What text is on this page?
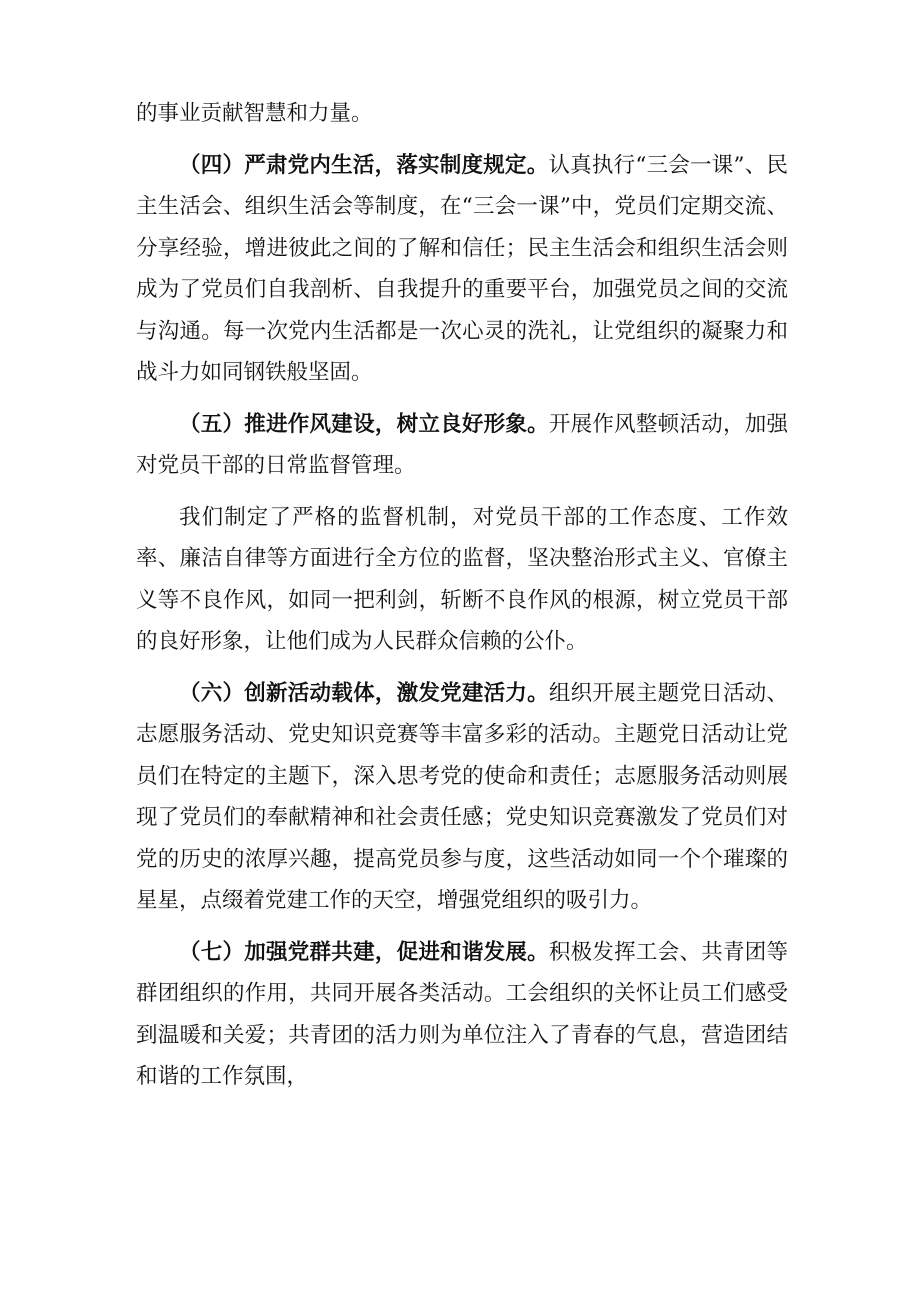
的事业贡献智慧和力量。

（四）严肃党内生活，落实制度规定。认真执行“三会一课”、民主生活会、组织生活会等制度，在“三会一课”中，党员们定期交流、分享经验，增进彼此之间的了解和信任；民主生活会和组织生活会则成为了党员们自我剖析、自我提升的重要平台，加强党员之间的交流与沟通。每一次党内生活都是一次心灵的洗礼，让党组织的凝聚力和战斗力如同钢铁般坚固。

（五）推进作风建设，树立良好形象。开展作风整顿活动，加强对党员干部的日常监督管理。

我们制定了严格的监督机制，对党员干部的工作态度、工作效率、廉洁自律等方面进行全方位的监督，坚决整治形式主义、官僚主义等不良作风，如同一把利剑，斩断不良作风的根源，树立党员干部的良好形象，让他们成为人民群众信赖的公仆。

（六）创新活动载体，激发党建活力。组织开展主题党日活动、志愿服务活动、党史知识竞赛等丰富多彩的活动。主题党日活动让党员们在特定的主题下，深入思考党的使命和责任；志愿服务活动则展现了党员们的奉献精神和社会责任感；党史知识竞赛激发了党员们对党的历史的浓厚兴趣，提高党员参与度，这些活动如同一个个璀璨的星星，点缀着党建工作的天空，增强党组织的吸引力。

（七）加强党群共建，促进和谐发展。积极发挥工会、共青团等群团组织的作用，共同开展各类活动。工会组织的关怀让员工们感受到温暖和关爱；共青团的活力则为单位注入了青春的气息，营造团结和谐的工作氛围，
